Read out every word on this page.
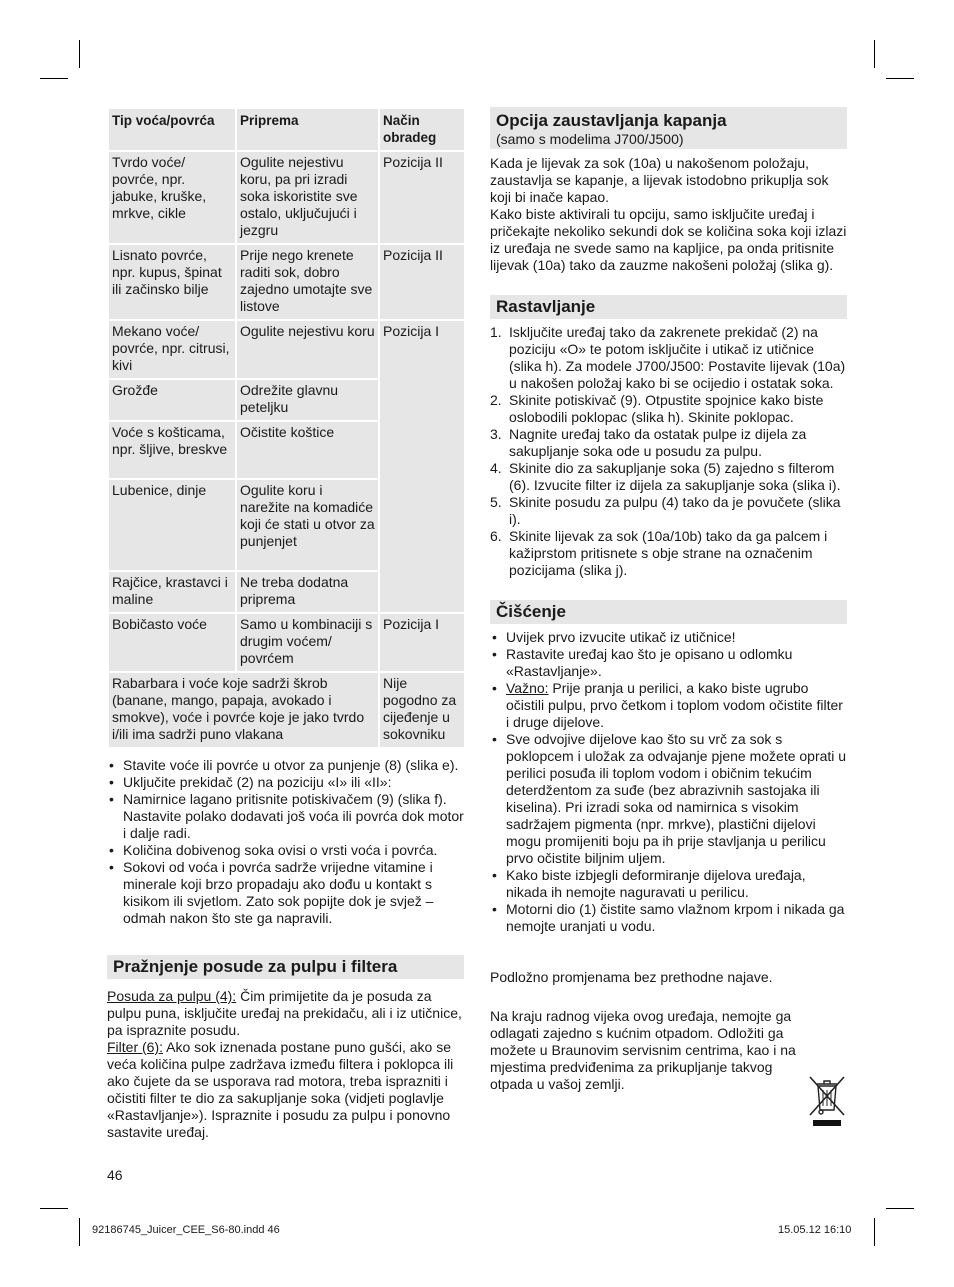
Tip voća/povrća	Priprema	Način obradeg
Tvrdo voće/ povrće, npr. jabuke, kruške, mrkve, cikle	Ogulite nejestivu koru, pa pri izradi soka iskoristite sve ostalo, uključujući i jezgru	Pozicija II
Lisnato povrće, npr. kupus, špinat ili začinsko bilje	Prije nego krenete raditi sok, dobro zajedno umotajte sve listove	Pozicija II
Mekano voće/ povrće, npr. citrusi, kivi	Ogulite nejestivu koru	Pozicija I
Grožđe	Odrežite glavnu peteljku	
Voće s košticama, npr. šljive, breskve	Očistite koštice	
Lubenice, dinje	Ogulite koru i narežite na komadiće koji će stati u otvor za punjenjet	
Rajčice, krastavci i maline	Ne treba dodatna priprema	
Bobičasto voće	Samo u kombinaciji s drugim voćem/ povrćem	Pozicija I
Rabarbara i voće koje sadrži škrob (banane, mango, papaja, avokado i smokve), voće i povrće koje je jako tvrdo i/ili ima sadrži puno vlakana		Nije pogodno za cijeđenje u sokovniku
• Stavite voće ili povrće u otvor za punjenje (8) (slika e).
• Uključite prekidač (2) na poziciju «I» ili «II»:
• Namirnice lagano pritisnite potiskivačem (9) (slika f). Nastavite polako dodavati još voća ili povrća dok motor i dalje radi.
• Količina dobivenog soka ovisi o vrsti voća i povrća.
• Sokovi od voća i povrća sadrže vrijedne vitamine i minerale koji brzo propadaju ako dođu u kontakt s kisikom ili svjetlom. Zato sok popijte dok je svjež – odmah nakon što ste ga napravili.
Pražnjenje posude za pulpu i filtera

Posuda za pulpu (4): Čim primijetite da je posuda za pulpu puna, isključite uređaj na prekidaču, ali i iz utičnice, pa ispraznite posudu.

Filter (6): Ako sok iznenada postane puno gušći, ako se veća količina pulpe zadržava između filtera i poklopca ili ako čujete da se usporava rad motora, treba isprazniti i očistiti filter te dio za sakupljanje soka (vidjeti poglavlje «Rastavljanje»). Ispraznite i posudu za pulpu i ponovno sastavite uređaj.

Opcija zaustavljanja kapanja
(samo s modelima J700/J500)

Kada je lijevak za sok (10a) u nakošenom položaju, zaustavlja se kapanje, a lijevak istodobno prikuplja sok koji bi inače kapao.

Kako biste aktivirali tu opciju, samo isključite uređaj i pričekajte nekoliko sekundi dok se količina soka koji izlazi iz uređaja ne svede samo na kapljice, pa onda pritisnite lijevak (10a) tako da zauzme nakošeni položaj (slika g).

Rastavljanje
1. Isključite uređaj tako da zakrenete prekidač (2) na poziciju «O» te potom isključite i utikač iz utičnice (slika h). Za modele J700/J500: Postavite lijevak (10a) u nakošen položaj kako bi se ocijedio i ostatak soka.
2. Skinite potiskivač (9). Otpustite spojnice kako biste oslobodili poklopac (slika h). Skinite poklopac.
3. Nagnite uređaj tako da ostatak pulpe iz dijela za sakupljanje soka ode u posudu za pulpu.
4. Skinite dio za sakupljanje soka (5) zajedno s filterom (6). Izvucite filter iz dijela za sakupljanje soka (slika i).
5. Skinite posudu za pulpu (4) tako da je povučete (slika i).
6. Skinite lijevak za sok (10a/10b) tako da ga palcem i kažiprstom pritisnete s obje strane na označenim pozicijama (slika j).
Čišćenje
• Uvijek prvo izvucite utikač iz utičnice!
• Rastavite uređaj kao što je opisano u odlomku «Rastavljanje».
• Važno: Prije pranja u perilici, a kako biste ugrubo očistili pulpu, prvo četkom i toplom vodom očistite filter i druge dijelove.
• Sve odvojive dijelove kao što su vrč za sok s poklopcem i uložak za odvajanje pjene možete oprati u perilici posuđa ili toplom vodom i običnim tekućim deterdžentom za suđe (bez abrazivnih sastojaka ili kiselina). Pri izradi soka od namirnica s visokim sadržajem pigmenta (npr. mrkve), plastični dijelovi mogu promijeniti boju pa ih prije stavljanja u perilicu prvo očistite biljnim uljem.
• Kako biste izbjegli deformiranje dijelova uređaja, nikada ih nemojte naguravati u perilicu.
• Motorni dio (1) čistite samo vlažnom krpom i nikada ga nemojte uranjati u vodu.

Podložno promjenama bez prethodne najave.

Na kraju radnog vijeka ovog uređaja, nemojte ga odlagati zajedno s kućnim otpadom. Odložiti ga možete u Braunovim servisnim centrima, kao i na mjestima predviđenima za prikupljanje takvog otpada u vašoj zemlji.

46
92186745_Juicer_CEE_S6-80.indd 46	15.05.12 16:10
